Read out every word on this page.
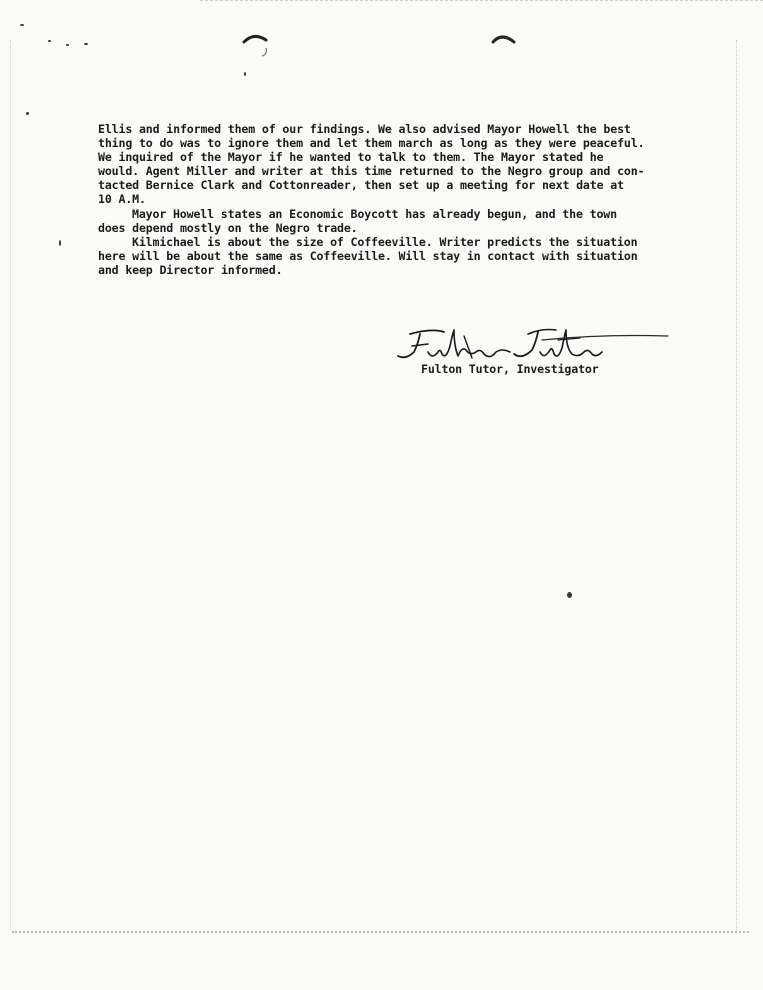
Ellis and informed them of our findings. We also advised Mayor Howell the best
thing to do was to ignore them and let them march as long as they were peaceful.
We inquired of the Mayor if he wanted to talk to them. The Mayor stated he
would. Agent Miller and writer at this time returned to the Negro group and con-
tacted Bernice Clark and Cottonreader, then set up a meeting for next date at
10 A.M.
Mayor Howell states an Economic Boycott has already begun, and the town
does depend mostly on the Negro trade.
Kilmichael is about the size of Coffeeville. Writer predicts the situation
here will be about the same as Coffeeville. Will stay in contact with situation
and keep Director informed.
Fulton Tutor, Investigator
